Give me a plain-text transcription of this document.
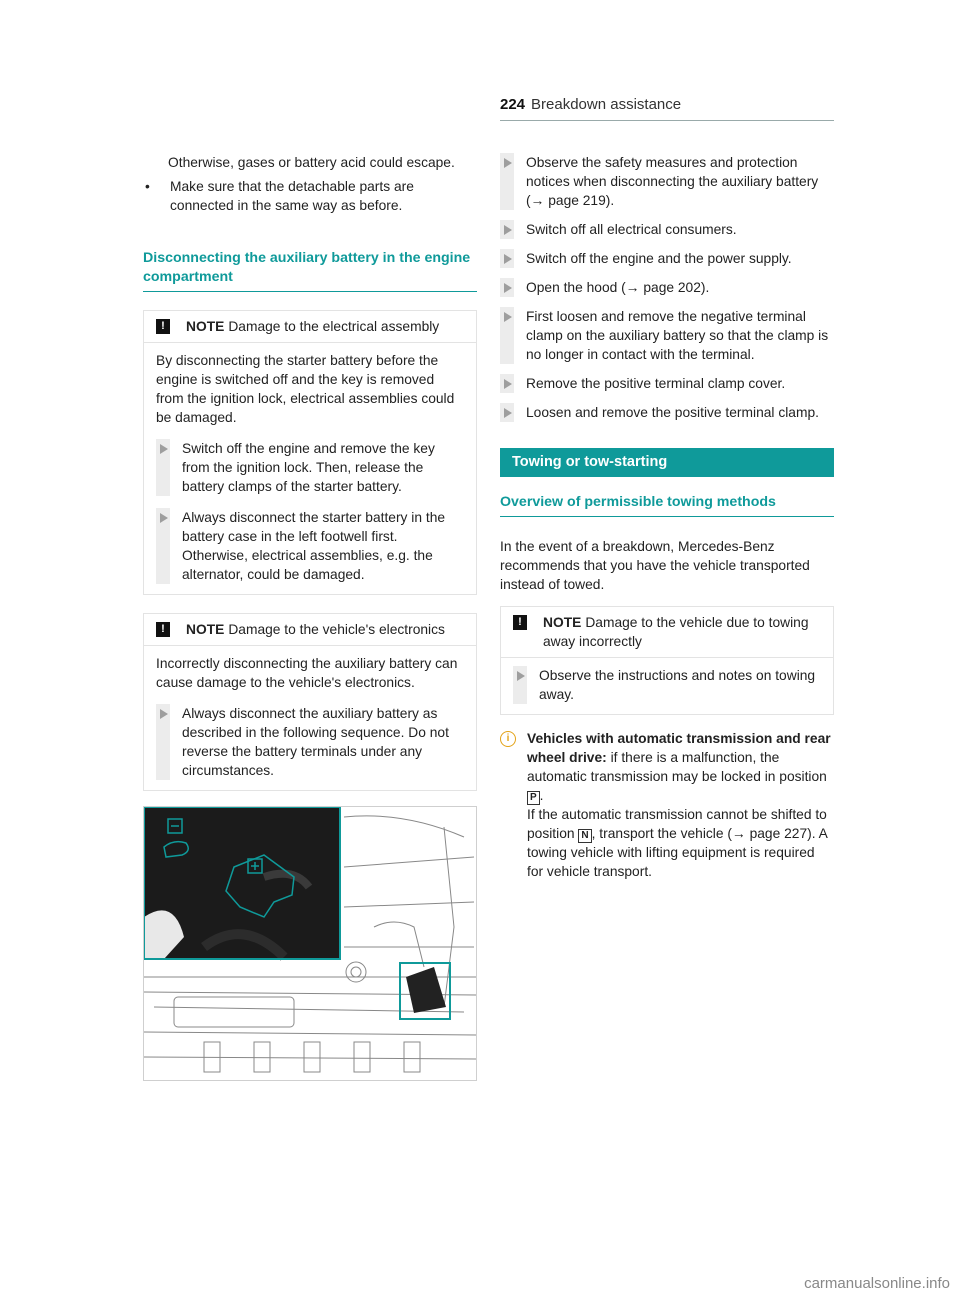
224 Breakdown assistance

Otherwise, gases or battery acid could escape.

•	Make sure that the detachable parts are connected in the same way as before.
Disconnecting the auxiliary battery in the engine compartment
!	NOTE Damage to the electrical assembly

By disconnecting the starter battery before the engine is switched off and the key is removed from the ignition lock, electrical assemblies could be damaged.

Switch off the engine and remove the key from the ignition lock. Then, release the battery clamps of the starter battery.
Always disconnect the starter battery in the battery case in the left footwell first. Otherwise, electrical assemblies, e.g. the alternator, could be damaged.
!	NOTE Damage to the vehicle's electronics

Incorrectly disconnecting the auxiliary battery can cause damage to the vehicle's electronics.

Always disconnect the auxiliary battery as described in the following sequence. Do not reverse the battery terminals under any circumstances.
Observe the safety measures and protection notices when disconnecting the auxiliary battery (→ page 219).
Switch off all electrical consumers.
Switch off the engine and the power supply.
Open the hood (→ page 202).
First loosen and remove the negative terminal clamp on the auxiliary battery so that the clamp is no longer in contact with the terminal.
Remove the positive terminal clamp cover.
Loosen and remove the positive terminal clamp.
Towing or tow-starting
Overview of permissible towing methods

In the event of a breakdown, Mercedes-Benz recommends that you have the vehicle transported instead of towed.

!	NOTE Damage to the vehicle due to towing away incorrectly
Observe the instructions and notes on towing away.
i	Vehicles with automatic transmission and rear wheel drive: if there is a malfunction, the automatic transmission may be locked in position P .
If the automatic transmission cannot be shifted to position N , transport the vehicle (→ page 227). A towing vehicle with lifting equipment is required for vehicle transport.
carmanualsonline.info
